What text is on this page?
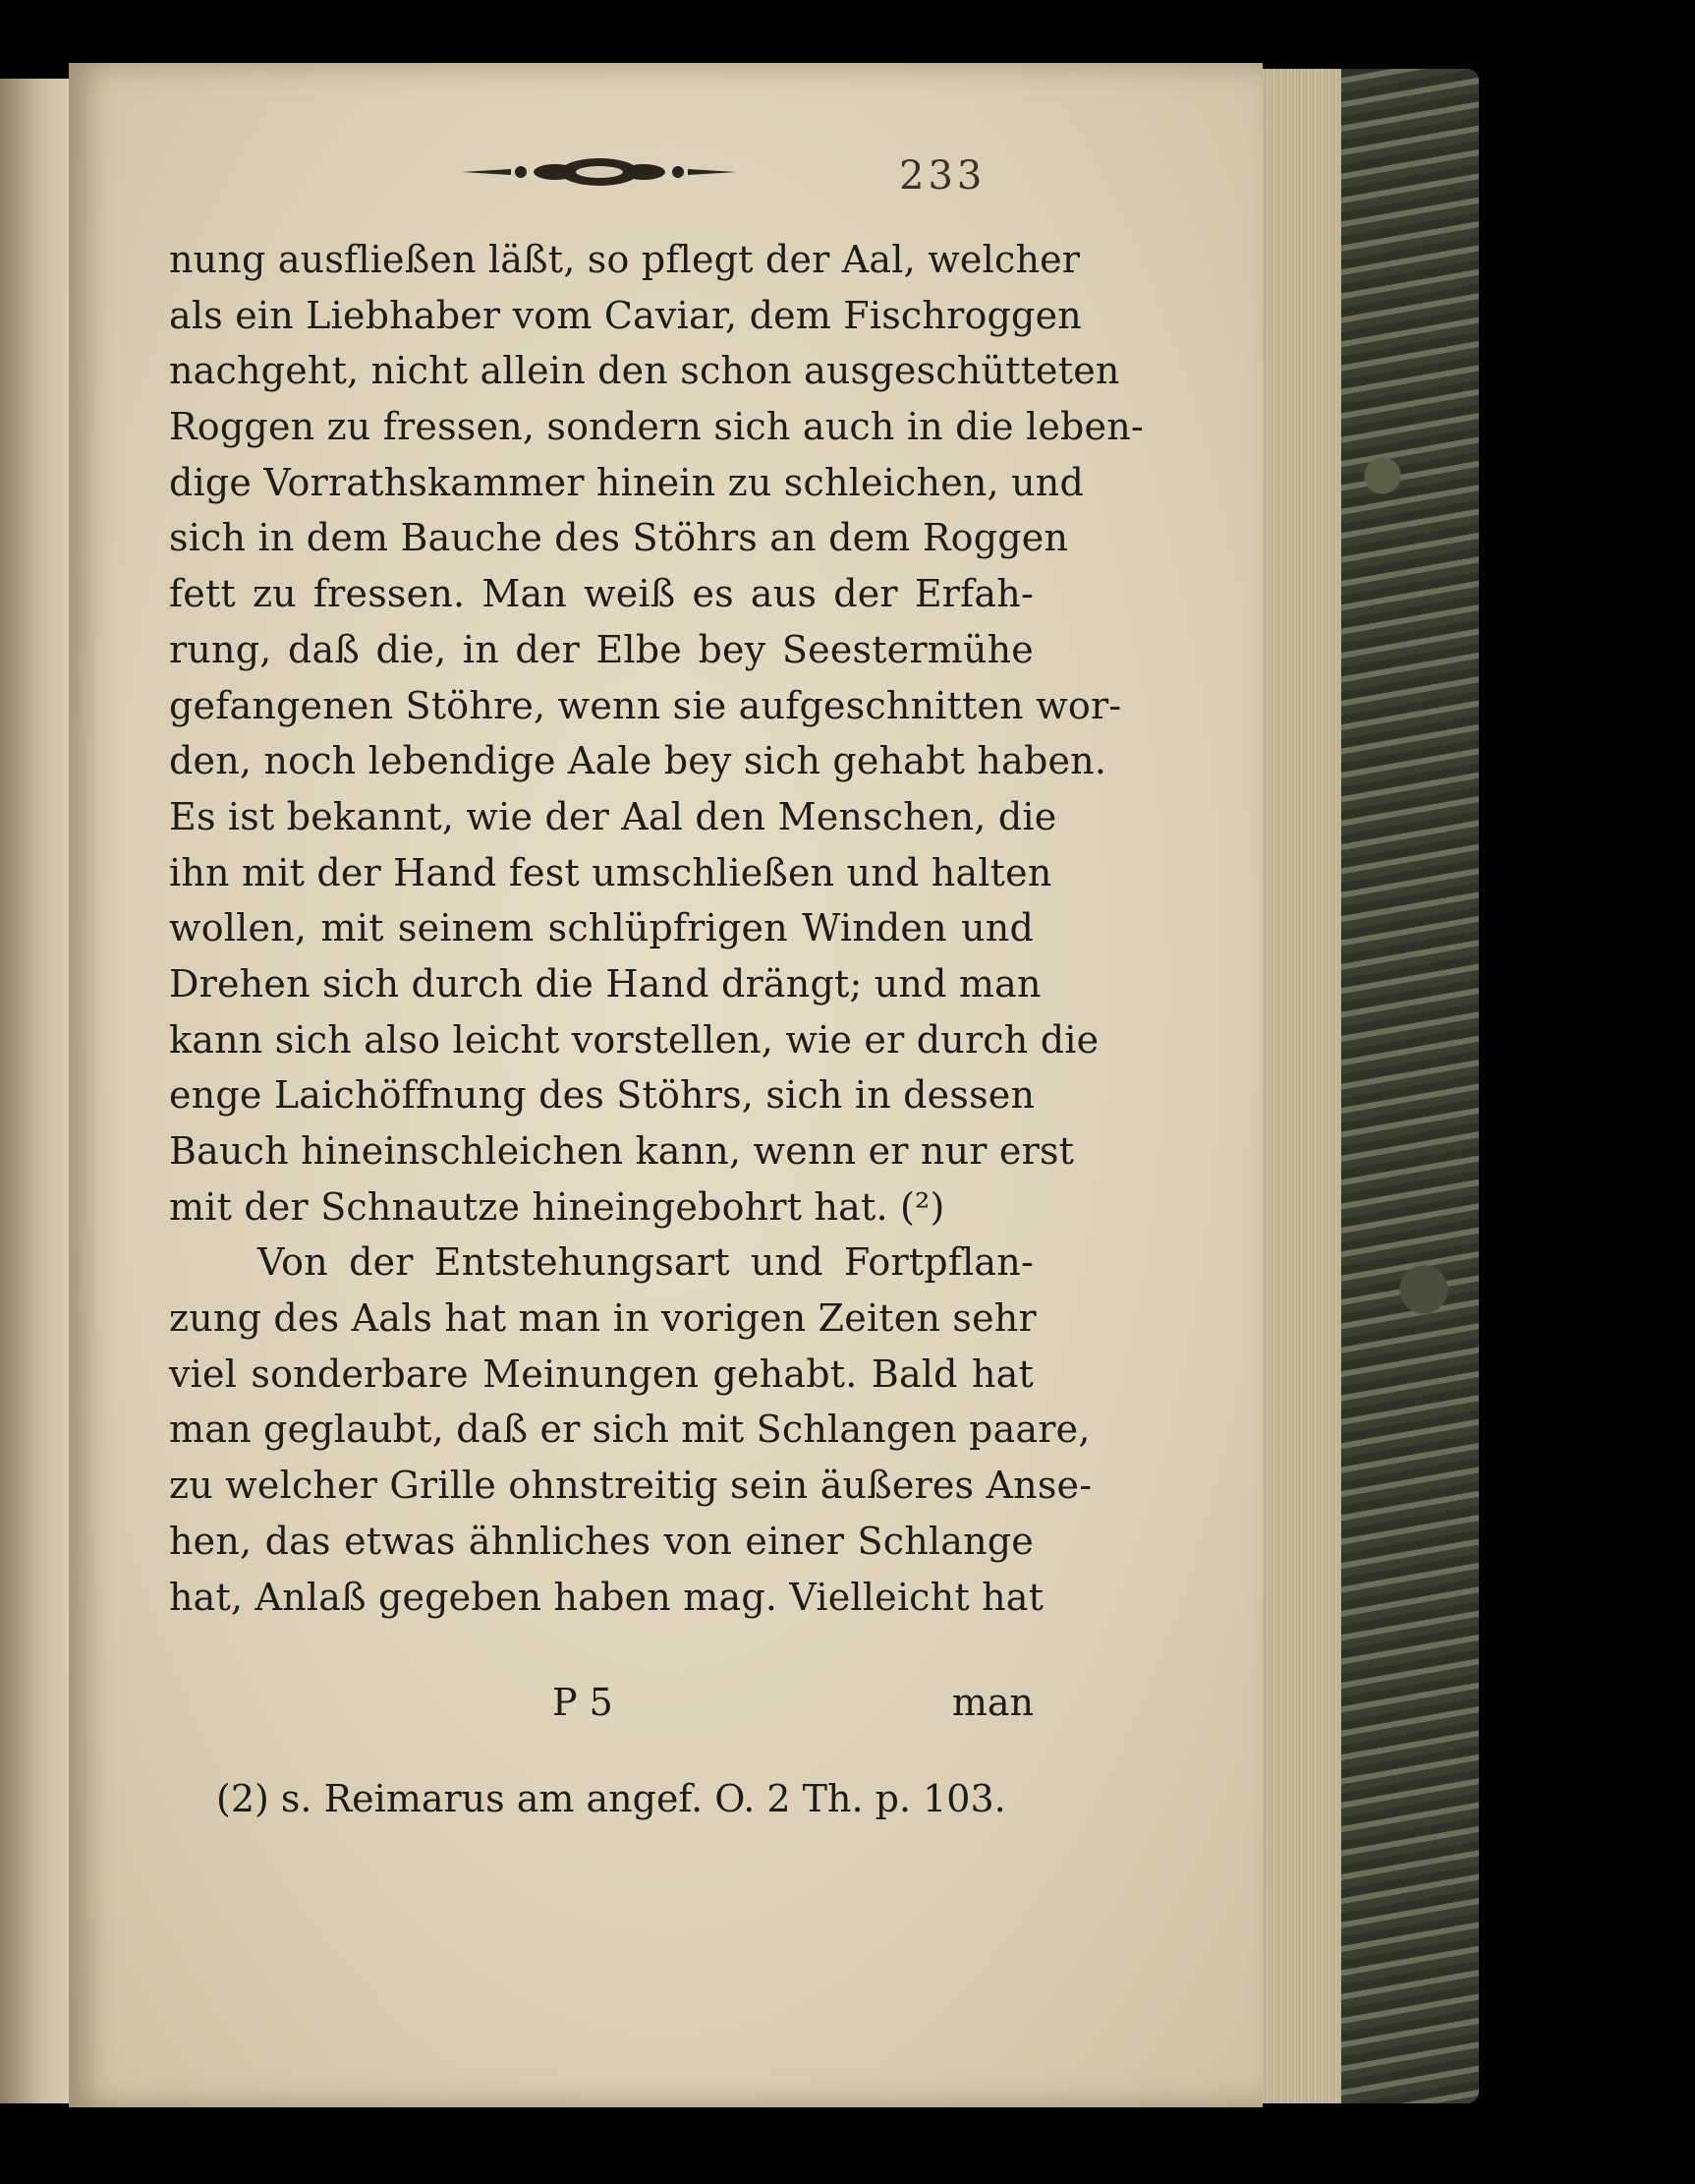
233
nung ausfließen läßt, so pflegt der Aal, welcher
als ein Liebhaber vom Caviar, dem Fischroggen
nachgeht, nicht allein den schon ausgeschütteten
Roggen zu fressen, sondern sich auch in die leben-
dige Vorrathskammer hinein zu schleichen, und
sich in dem Bauche des Stöhrs an dem Roggen
fett zu fressen. Man weiß es aus der Erfah-
rung, daß die, in der Elbe bey Seestermühe
gefangenen Stöhre, wenn sie aufgeschnitten wor-
den, noch lebendige Aale bey sich gehabt haben.
Es ist bekannt, wie der Aal den Menschen, die
ihn mit der Hand fest umschließen und halten
wollen, mit seinem schlüpfrigen Winden und
Drehen sich durch die Hand drängt; und man
kann sich also leicht vorstellen, wie er durch die
enge Laichöffnung des Stöhrs, sich in dessen
Bauch hineinschleichen kann, wenn er nur erst
mit der Schnautze hineingebohrt hat. (²)
Von der Entstehungsart und Fortpflan-
zung des Aals hat man in vorigen Zeiten sehr
viel sonderbare Meinungen gehabt. Bald hat
man geglaubt, daß er sich mit Schlangen paare,
zu welcher Grille ohnstreitig sein äußeres Anse-
hen, das etwas ähnliches von einer Schlange
hat, Anlaß gegeben haben mag. Vielleicht hat
P 5	man
(2) s. Reimarus am angef. O. 2 Th. p. 103.
